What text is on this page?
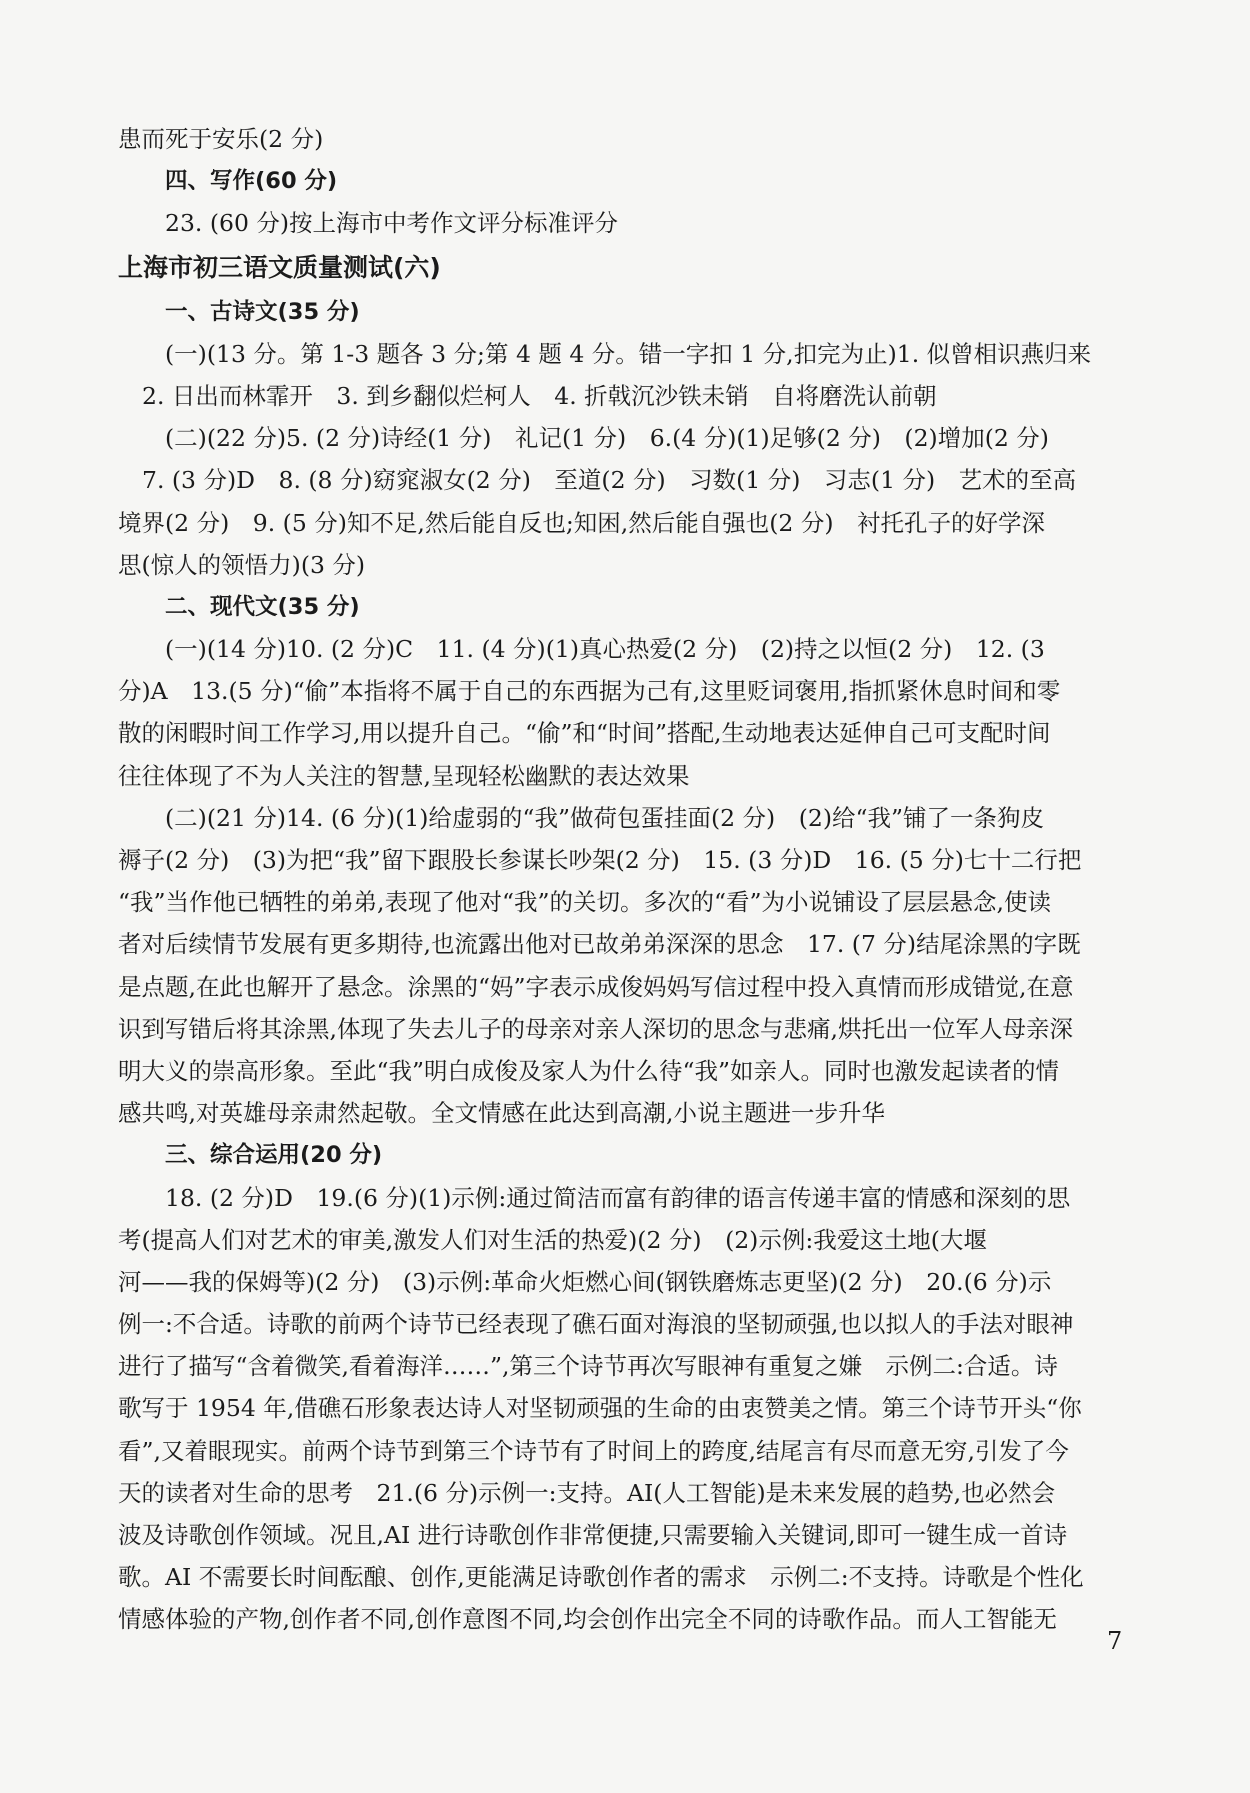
患而死于安乐(2 分)
四、写作(60 分)
23. (60 分)按上海市中考作文评分标准评分
上海市初三语文质量测试(六)
一、古诗文(35 分)
(一)(13 分。第 1-3 题各 3 分;第 4 题 4 分。错一字扣 1 分,扣完为止)1. 似曾相识燕归来
2. 日出而林霏开　3. 到乡翻似烂柯人　4. 折戟沉沙铁未销　自将磨洗认前朝
(二)(22 分)5. (2 分)诗经(1 分)　礼记(1 分)　6.(4 分)(1)足够(2 分)　(2)增加(2 分)
7. (3 分)D　8. (8 分)窈窕淑女(2 分)　至道(2 分)　习数(1 分)　习志(1 分)　艺术的至高
境界(2 分)　9. (5 分)知不足,然后能自反也;知困,然后能自强也(2 分)　衬托孔子的好学深
思(惊人的领悟力)(3 分)
二、现代文(35 分)
(一)(14 分)10. (2 分)C　11. (4 分)(1)真心热爱(2 分)　(2)持之以恒(2 分)　12. (3
分)A　13.(5 分)“偷”本指将不属于自己的东西据为己有,这里贬词褒用,指抓紧休息时间和零
散的闲暇时间工作学习,用以提升自己。“偷”和“时间”搭配,生动地表达延伸自己可支配时间
往往体现了不为人关注的智慧,呈现轻松幽默的表达效果
(二)(21 分)14. (6 分)(1)给虚弱的“我”做荷包蛋挂面(2 分)　(2)给“我”铺了一条狗皮
褥子(2 分)　(3)为把“我”留下跟股长参谋长吵架(2 分)　15. (3 分)D　16. (5 分)七十二行把
“我”当作他已牺牲的弟弟,表现了他对“我”的关切。多次的“看”为小说铺设了层层悬念,使读
者对后续情节发展有更多期待,也流露出他对已故弟弟深深的思念　17. (7 分)结尾涂黑的字既
是点题,在此也解开了悬念。涂黑的“妈”字表示成俊妈妈写信过程中投入真情而形成错觉,在意
识到写错后将其涂黑,体现了失去儿子的母亲对亲人深切的思念与悲痛,烘托出一位军人母亲深
明大义的崇高形象。至此“我”明白成俊及家人为什么待“我”如亲人。同时也激发起读者的情
感共鸣,对英雄母亲肃然起敬。全文情感在此达到高潮,小说主题进一步升华
三、综合运用(20 分)
18. (2 分)D　19.(6 分)(1)示例:通过简洁而富有韵律的语言传递丰富的情感和深刻的思
考(提高人们对艺术的审美,激发人们对生活的热爱)(2 分)　(2)示例:我爱这土地(大堰
河——我的保姆等)(2 分)　(3)示例:革命火炬燃心间(钢铁磨炼志更坚)(2 分)　20.(6 分)示
例一:不合适。诗歌的前两个诗节已经表现了礁石面对海浪的坚韧顽强,也以拟人的手法对眼神
进行了描写“含着微笑,看着海洋……”,第三个诗节再次写眼神有重复之嫌　示例二:合适。诗
歌写于 1954 年,借礁石形象表达诗人对坚韧顽强的生命的由衷赞美之情。第三个诗节开头“你
看”,又着眼现实。前两个诗节到第三个诗节有了时间上的跨度,结尾言有尽而意无穷,引发了今
天的读者对生命的思考　21.(6 分)示例一:支持。AI(人工智能)是未来发展的趋势,也必然会
波及诗歌创作领域。况且,AI 进行诗歌创作非常便捷,只需要输入关键词,即可一键生成一首诗
歌。AI 不需要长时间酝酿、创作,更能满足诗歌创作者的需求　示例二:不支持。诗歌是个性化
情感体验的产物,创作者不同,创作意图不同,均会创作出完全不同的诗歌作品。而人工智能无
7
